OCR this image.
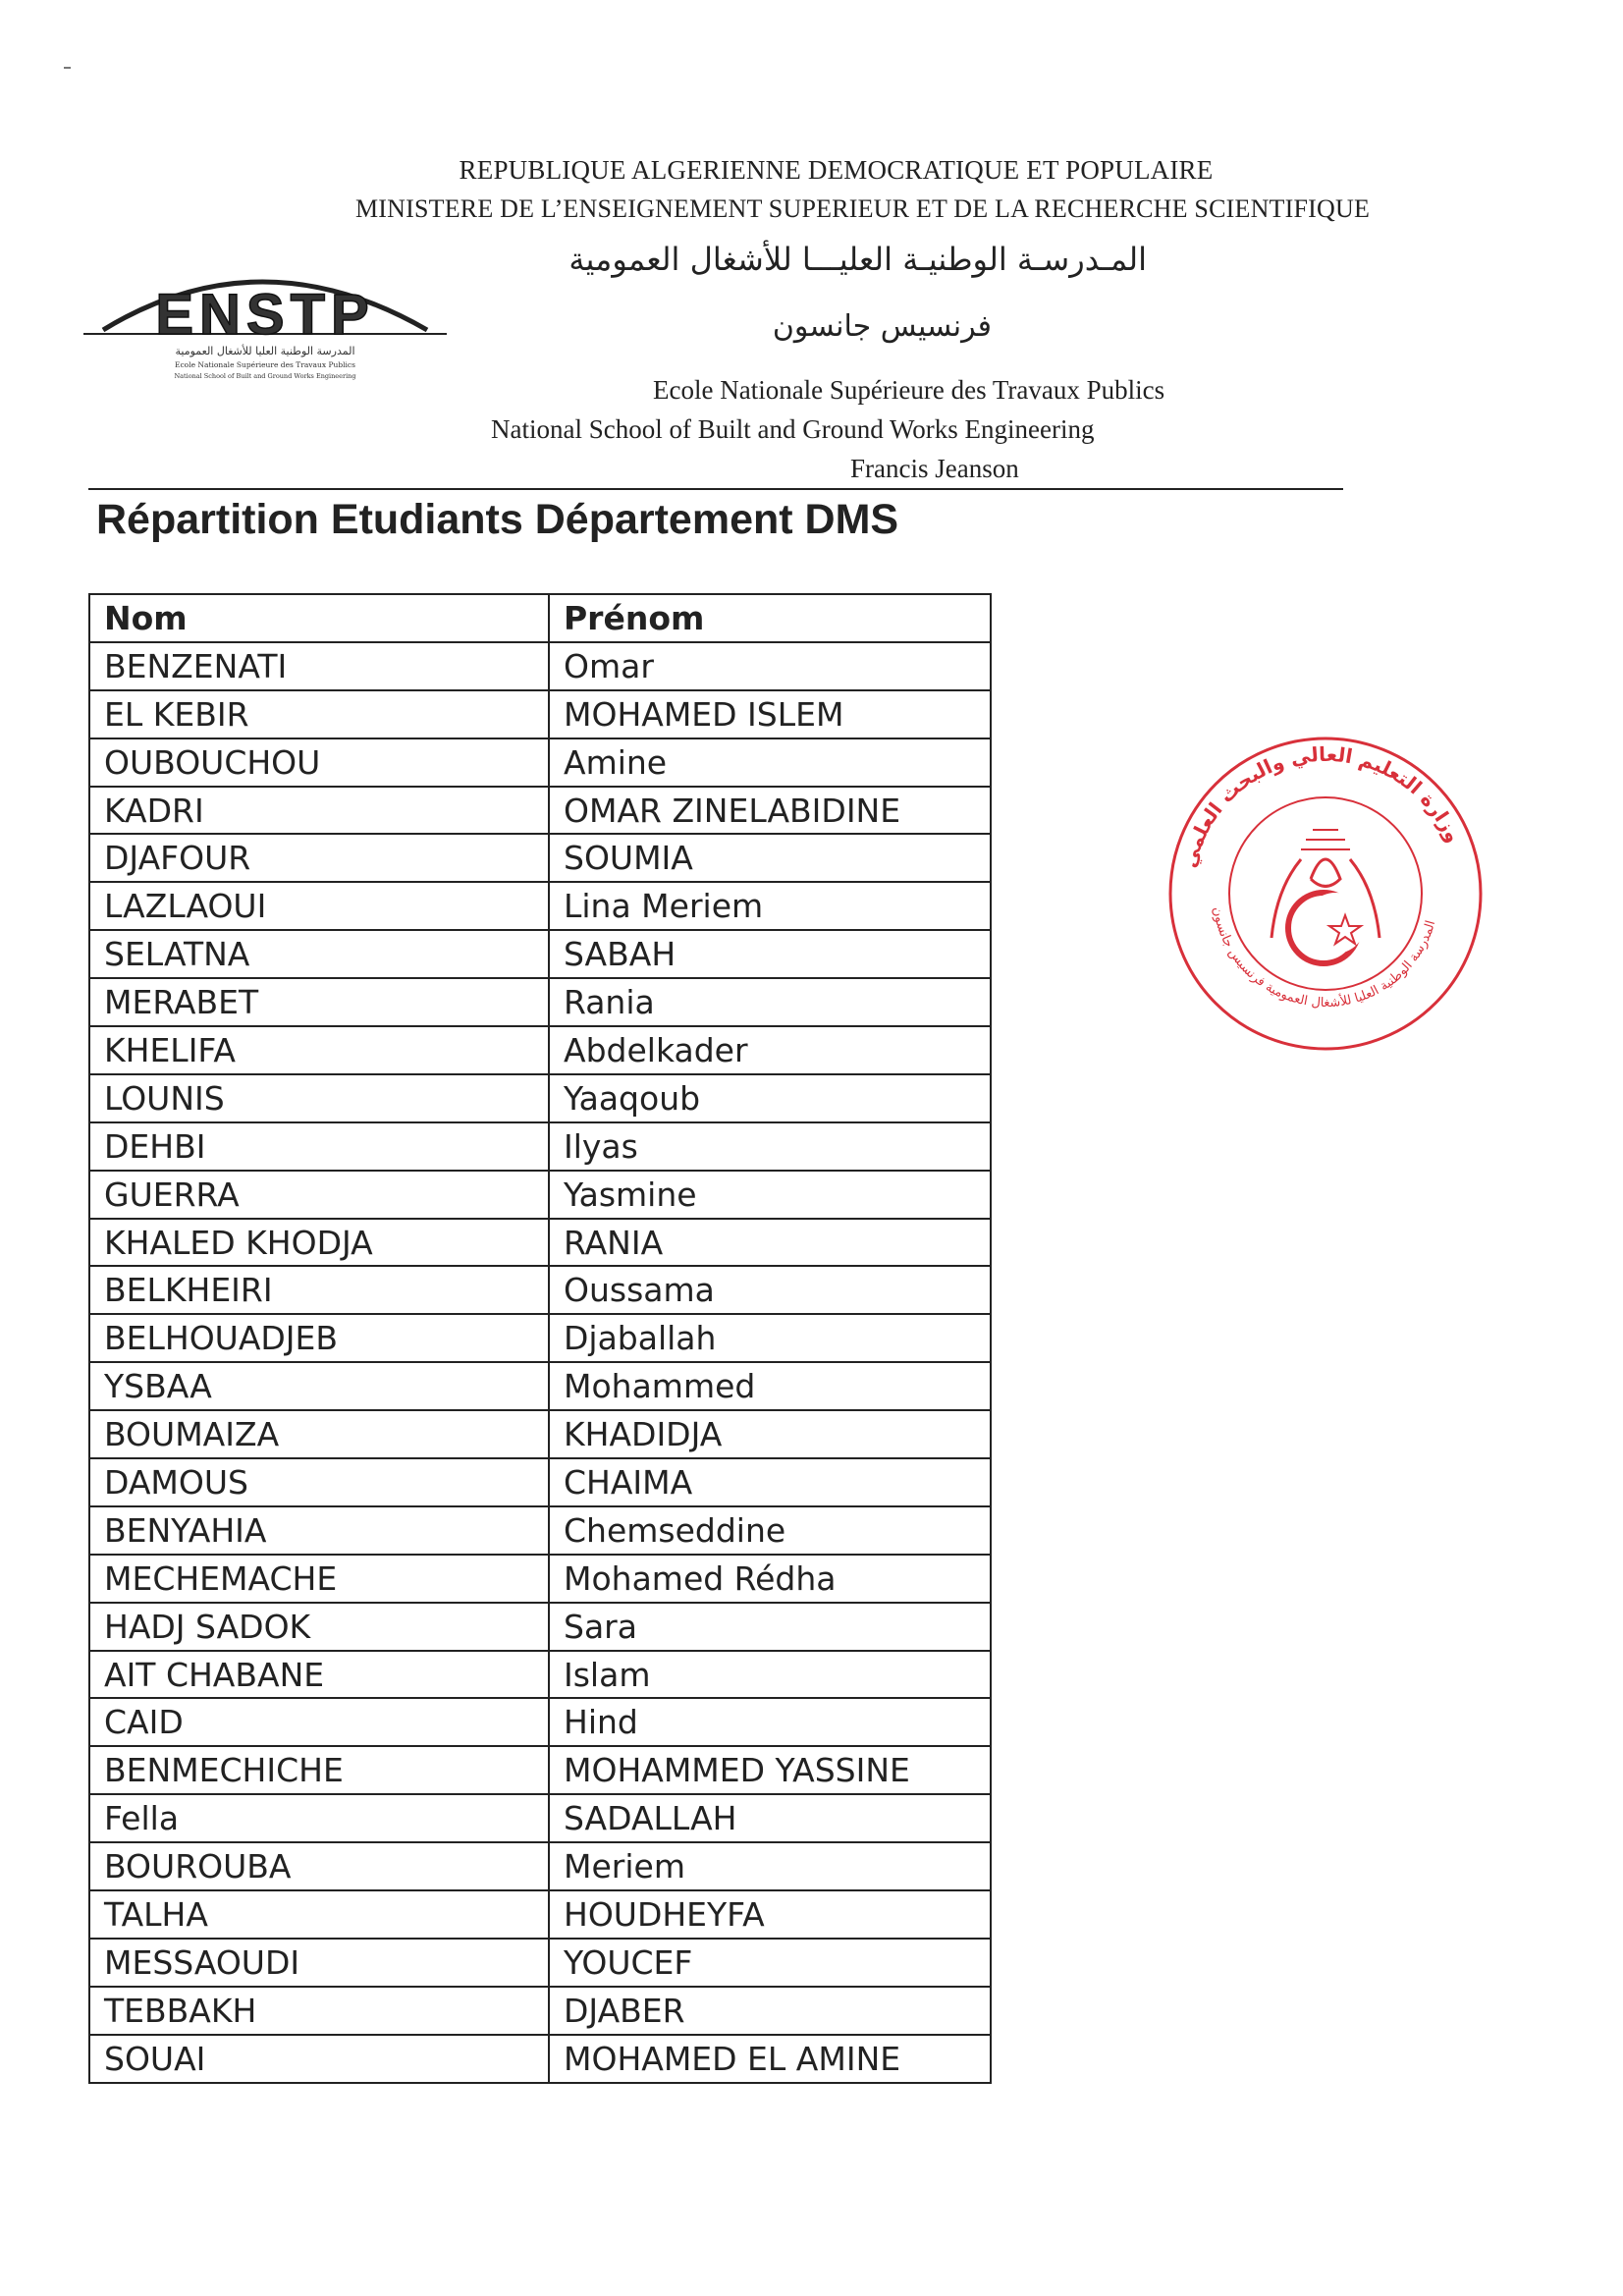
REPUBLIQUE ALGERIENNE DEMOCRATIQUE ET POPULAIRE
MINISTERE DE L’ENSEIGNEMENT SUPERIEUR ET DE LA RECHERCHE SCIENTIFIQUE
ENSTP
المدرسة الوطنية العليا للأشغال العمومية
Ecole Nationale Supérieure des Travaux Publics
National School of Built and Ground Works Engineering
المـدرسـة الوطنيـة العليـــا للأشغال العمومية
فرنسيس جانسون
Ecole Nationale Supérieure des Travaux Publics
National School of Built and Ground Works Engineering
Francis Jeanson
Répartition Etudiants Département DMS
Nom	Prénom
BENZENATI	Omar
EL KEBIR	MOHAMED ISLEM
OUBOUCHOU	Amine
KADRI	OMAR ZINELABIDINE
DJAFOUR	SOUMIA
LAZLAOUI	Lina Meriem
SELATNA	SABAH
MERABET	Rania
KHELIFA	Abdelkader
LOUNIS	Yaaqoub
DEHBI	Ilyas
GUERRA	Yasmine
KHALED KHODJA	RANIA
BELKHEIRI	Oussama
BELHOUADJEB	Djaballah
YSBAA	Mohammed
BOUMAIZA	KHADIDJA
DAMOUS	CHAIMA
BENYAHIA	Chemseddine
MECHEMACHE	Mohamed Rédha
HADJ SADOK	Sara
AIT CHABANE	Islam
CAID	Hind
BENMECHICHE	MOHAMMED YASSINE
Fella	SADALLAH
BOUROUBA	Meriem
TALHA	HOUDHEYFA
MESSAOUDI	YOUCEF
TEBBAKH	DJABER
SOUAI	MOHAMED EL AMINE
وزارة التعليم العالي والبحث العلمي
المدرسة الوطنية العليا للأشغال العمومية فرنسيس جانسون
